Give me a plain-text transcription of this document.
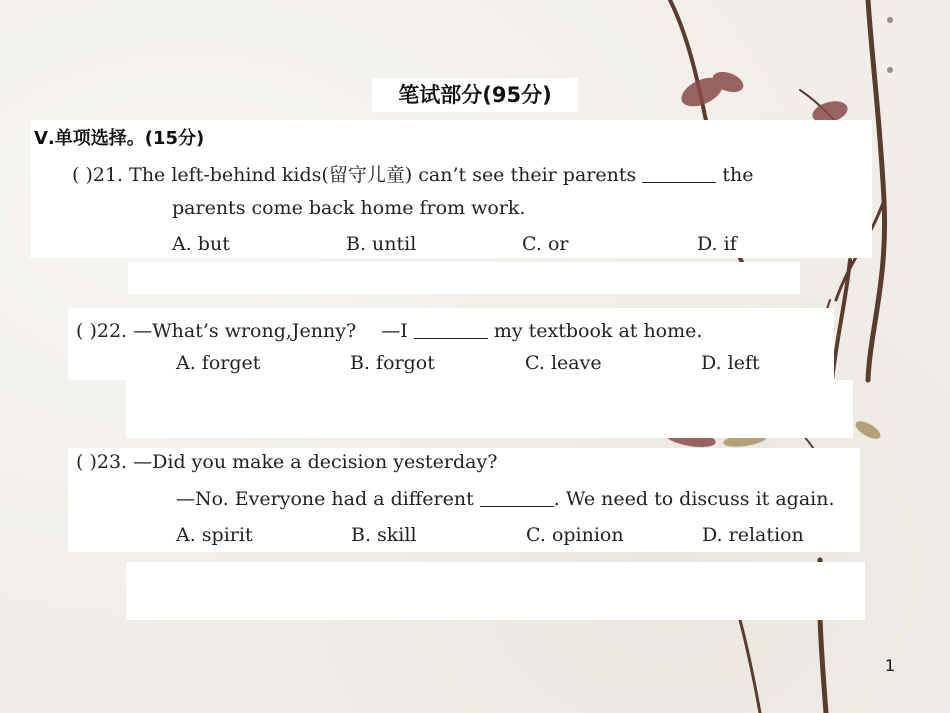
笔试部分(95分)
Ⅴ.单项选择。(15分)
( )21. The left-behind kids(留守儿童) can’t see their parents	the
parents come back home from work.
A. but	B. until	C. or	D. if
( )22. —What’s wrong,Jenny?　 —I	my textbook at home.
A. forget	B. forgot	C. leave	D. left
( )23. —Did you make a decision yesterday?
—No. Everyone had a different	. We need to discuss it again.
A. spirit	B. skill	C. opinion	D. relation
1
